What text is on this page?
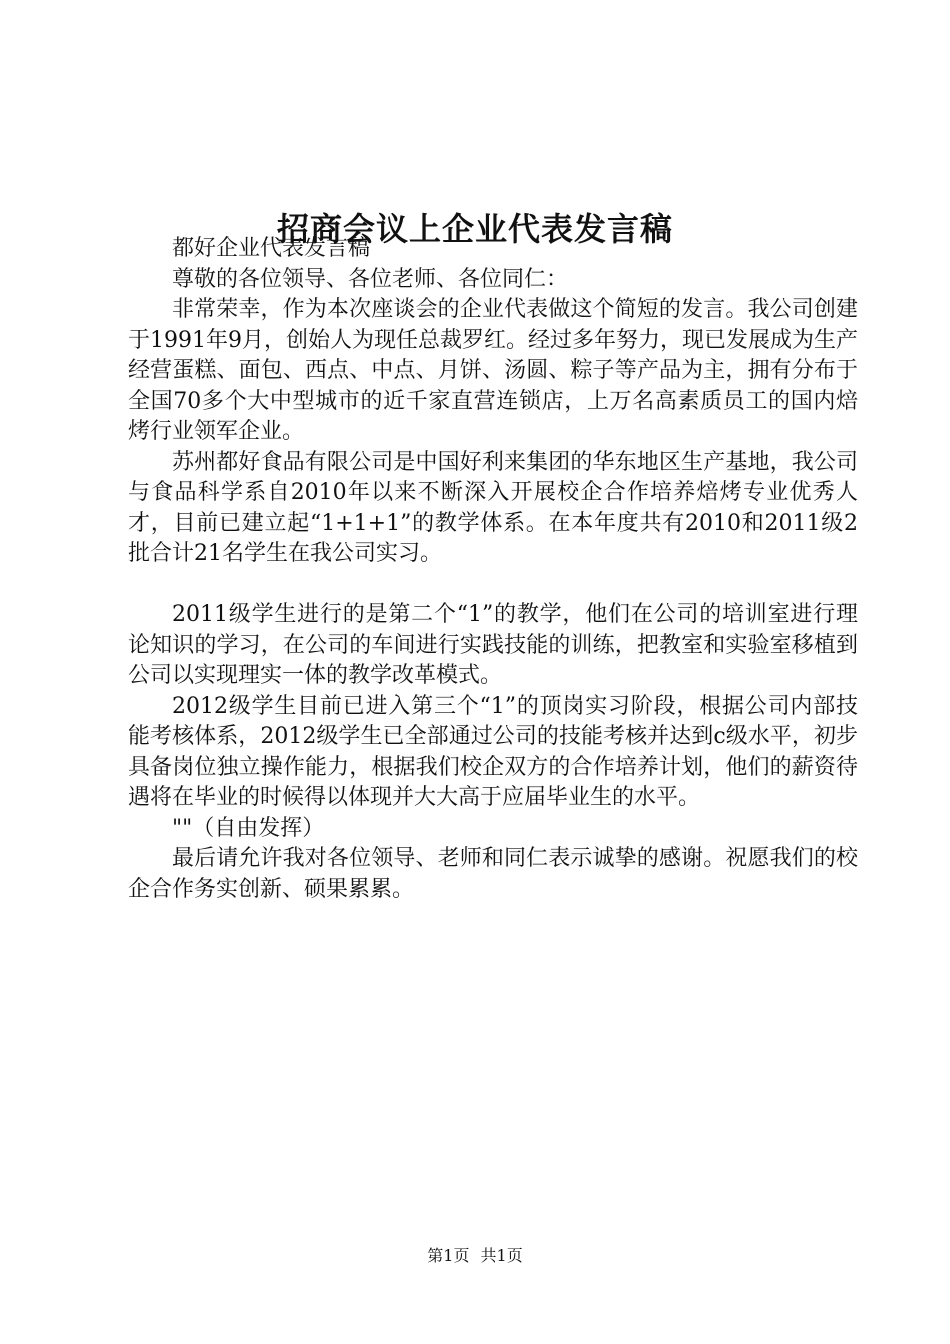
招商会议上企业代表发言稿

都好企业代表发言稿

尊敬的各位领导、各位老师、各位同仁：

非常荣幸，作为本次座谈会的企业代表做这个简短的发言。我公司创建于1991年9月，创始人为现任总裁罗红。经过多年努力，现已发展成为生产经营蛋糕、面包、西点、中点、月饼、汤圆、粽子等产品为主，拥有分布于全国70多个大中型城市的近千家直营连锁店，上万名高素质员工的国内焙烤行业领军企业。

苏州都好食品有限公司是中国好利来集团的华东地区生产基地，我公司与食品科学系自2010年以来不断深入开展校企合作培养焙烤专业优秀人才，目前已建立起“1+1+1”的教学体系。在本年度共有2010和2011级2批合计21名学生在我公司实习。

2011级学生进行的是第二个“1”的教学，他们在公司的培训室进行理论知识的学习，在公司的车间进行实践技能的训练，把教室和实验室移植到公司以实现理实一体的教学改革模式。

2012级学生目前已进入第三个“1”的顶岗实习阶段，根据公司内部技能考核体系，2012级学生已全部通过公司的技能考核并达到c级水平，初步具备岗位独立操作能力，根据我们校企双方的合作培养计划，他们的薪资待遇将在毕业的时候得以体现并大大高于应届毕业生的水平。

""（自由发挥）

最后请允许我对各位领导、老师和同仁表示诚挚的感谢。祝愿我们的校企合作务实创新、硕果累累。

第1页 共1页
